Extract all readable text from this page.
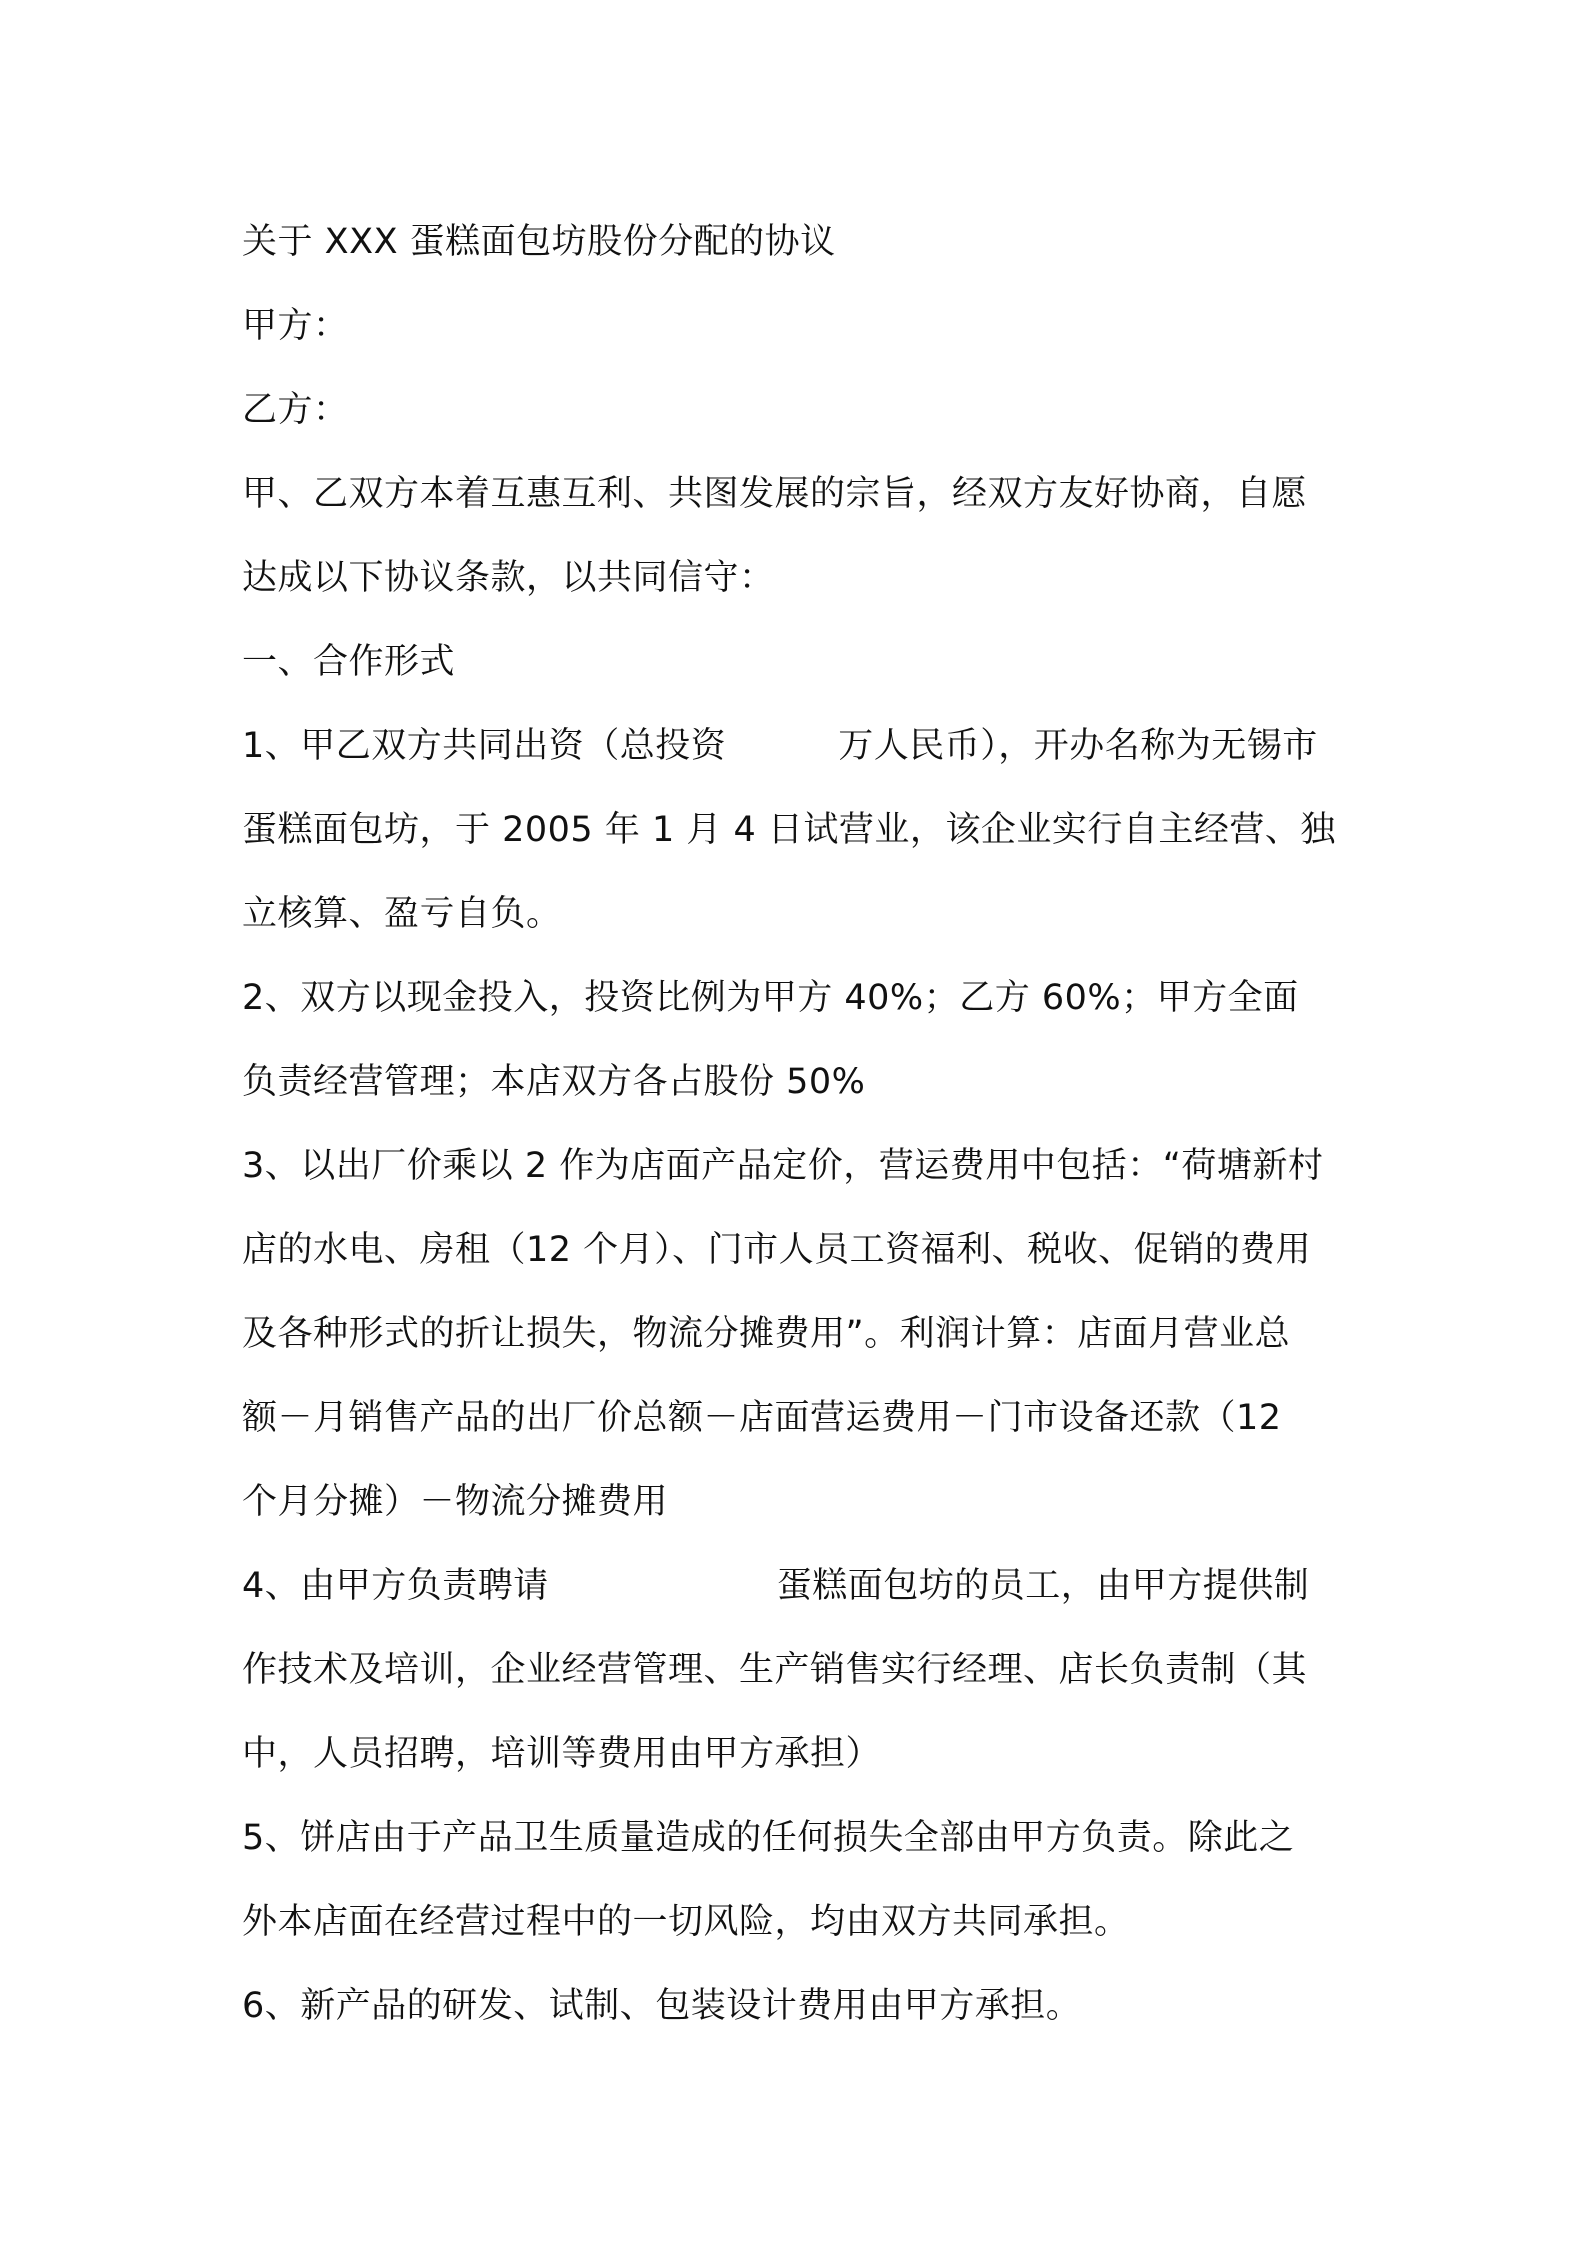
关于 XXX 蛋糕面包坊股份分配的协议
甲方：
乙方：
甲、乙双方本着互惠互利、共图发展的宗旨，经双方友好协商，自愿
达成以下协议条款，以共同信守：
一、合作形式
1、甲乙双方共同出资（总投资	万人民币），开办名称为无锡市
蛋糕面包坊，于 2005 年 1 月 4 日试营业，该企业实行自主经营、独
立核算、盈亏自负。
2、双方以现金投入，投资比例为甲方 40%；乙方 60%；甲方全面
负责经营管理；本店双方各占股份 50%
3、以出厂价乘以 2 作为店面产品定价，营运费用中包括：“荷塘新村
店的水电、房租（12 个月）、门市人员工资福利、税收、促销的费用
及各种形式的折让损失，物流分摊费用”。利润计算：店面月营业总
额－月销售产品的出厂价总额－店面营运费用－门市设备还款（12
个月分摊）－物流分摊费用
4、由甲方负责聘请	蛋糕面包坊的员工，由甲方提供制
作技术及培训，企业经营管理、生产销售实行经理、店长负责制（其
中，人员招聘，培训等费用由甲方承担）
5、饼店由于产品卫生质量造成的任何损失全部由甲方负责。除此之
外本店面在经营过程中的一切风险，均由双方共同承担。
6、新产品的研发、试制、包装设计费用由甲方承担。
